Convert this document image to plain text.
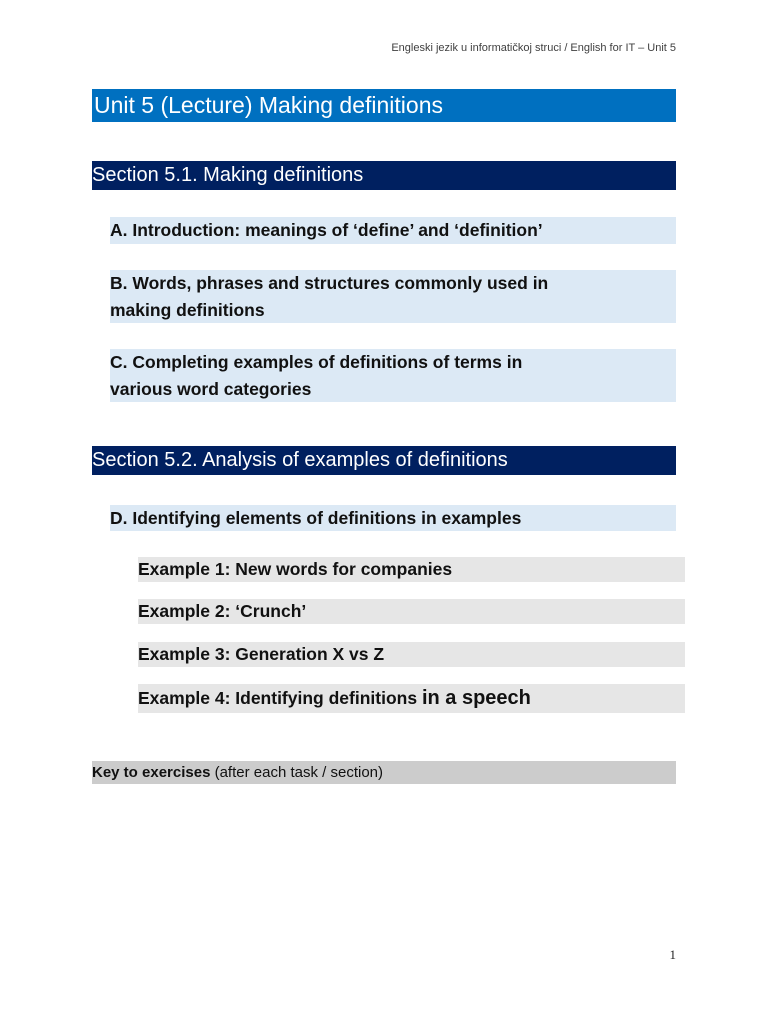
Engleski jezik u informatičkoj struci / English for IT – Unit 5
Unit 5 (Lecture) Making definitions
Section 5.1. Making definitions
A. Introduction: meanings of ‘define’ and ‘definition’
B. Words, phrases and structures commonly used in
making definitions
C. Completing examples of definitions of terms in
various word categories
Section 5.2. Analysis of examples of definitions
D. Identifying elements of definitions in examples
Example 1: New words for companies
Example 2: ‘Crunch’
Example 3: Generation X vs Z
Example 4: Identifying definitions in a speech
Key to exercises (after each task / section)
1
